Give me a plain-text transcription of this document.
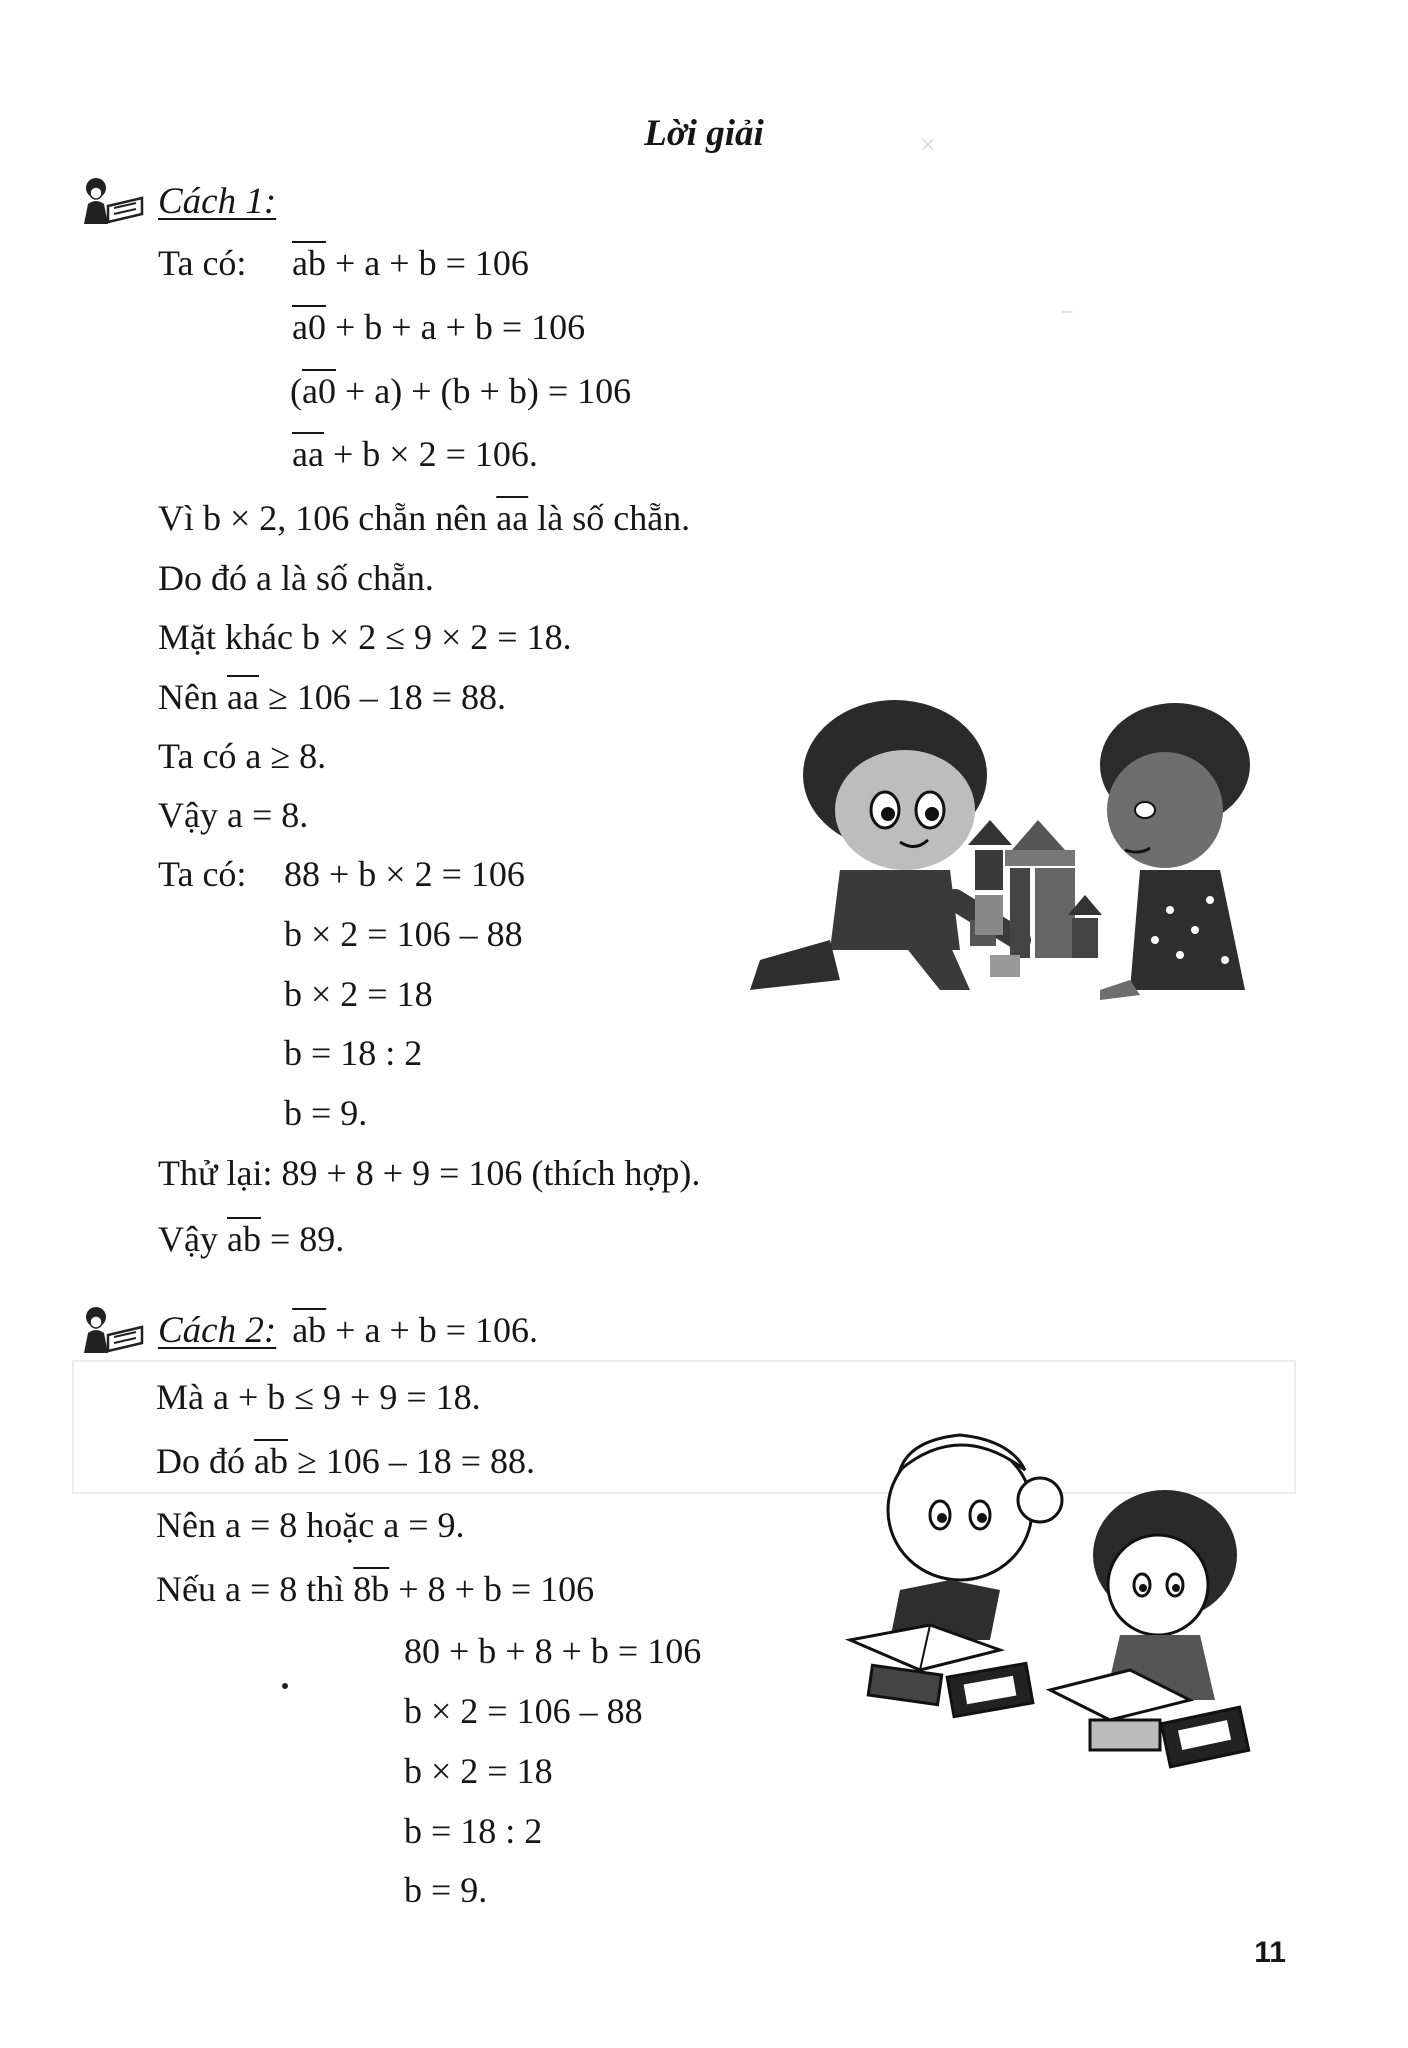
×
⁻
Lời giải
Cách 1:
Ta có: $\overline{ab} + a + b = 106$
a0 + b + a + b = 106
(a0 + a) + (b + b) = 106
$\overline{aa} + b \times 2 = 106$.
Vì b × 2, 106 chẵn nên $\overline{aa}$ là số chẵn.
Do đó a là số chẵn.
Mặt khác b × 2 ≤ 9 × 2 = 18.
Nên $\overline{aa} \ge 106 - 18 = 88$.
Ta có a ≥ 8.
Vậy a = 8.
Ta có: 88 + b × 2 = 106
b × 2 = 106 – 88
b × 2 = 18
b = 18 : 2
b = 9.
Thử lại: 89 + 8 + 9 = 106 (thích hợp).
Vậy $\overline{ab} = 89$.
Cách 2: $\overline{ab} + a + b = 106$.
Mà a + b ≤ 9 + 9 = 18.
Do đó $\overline{ab} \ge 106 - 18 = 88$.
Nên a = 8 hoặc a = 9.
Nếu a = 8 thì 8b + 8 + b = 106
80 + b + 8 + b = 106
b × 2 = 106 – 88
b × 2 = 18
b = 18 : 2
b = 9.
11
